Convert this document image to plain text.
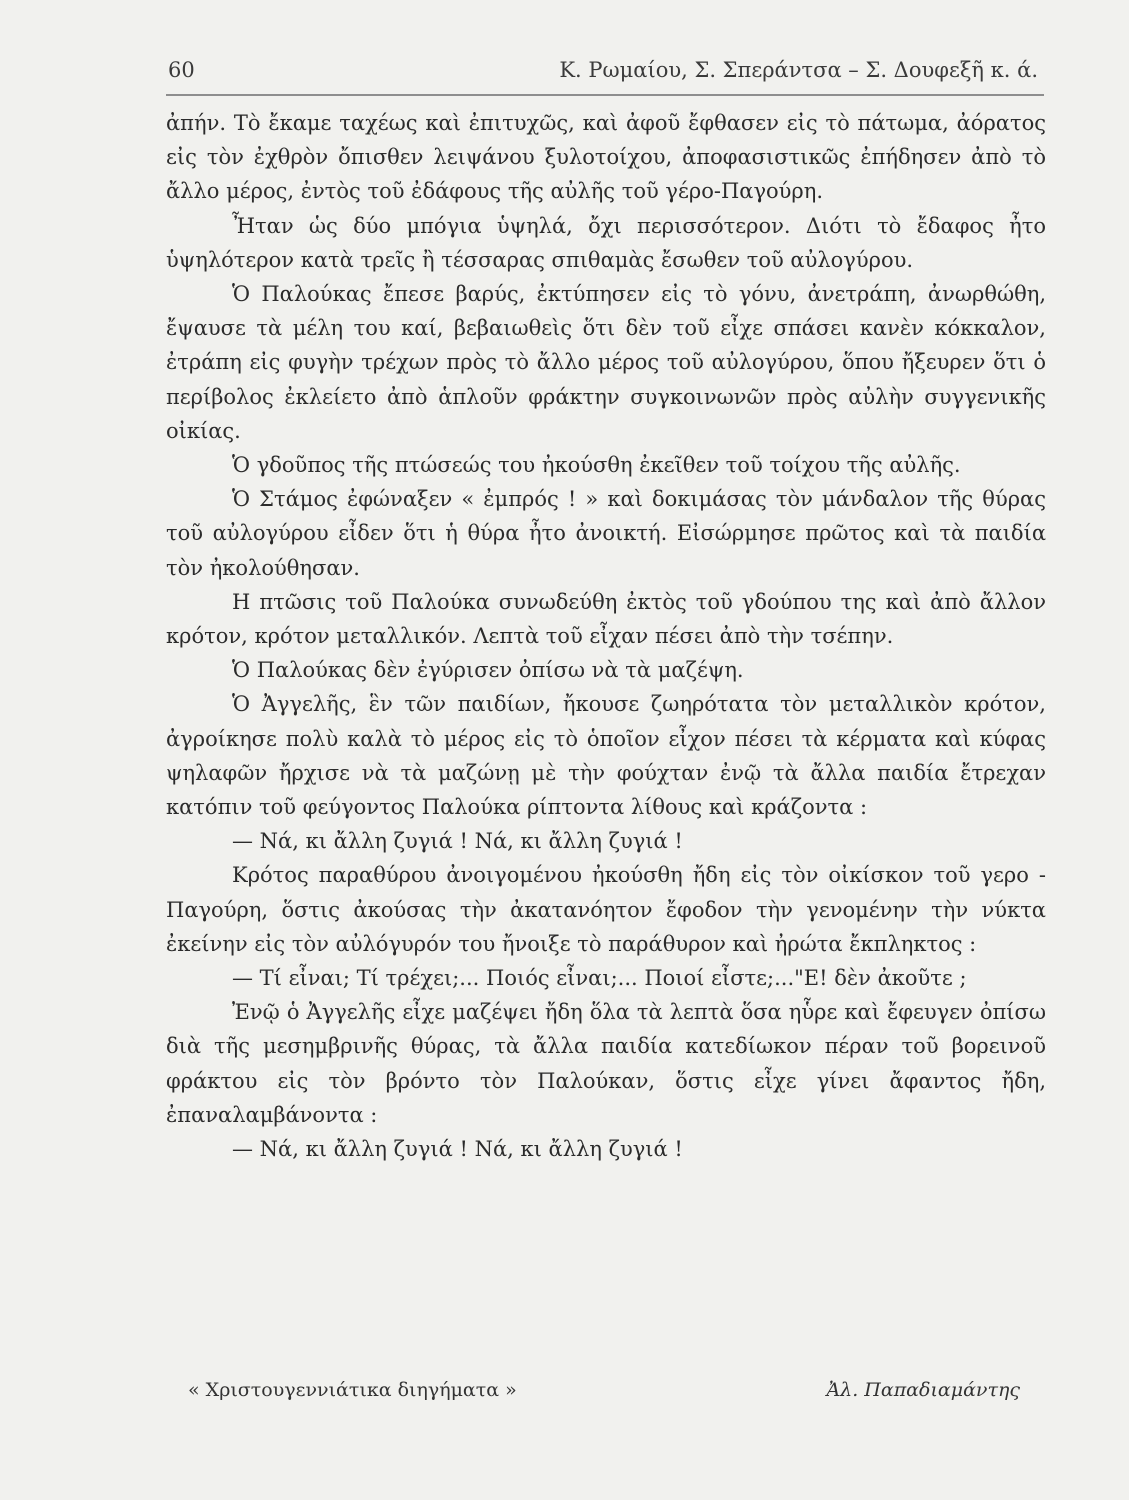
60	Κ. Ρωμαίου, Σ. Σπεράντσα – Σ. Δουφεξῆ κ. ά.

ἀπήν. Τὸ ἔκαμε ταχέως καὶ ἐπιτυχῶς, καὶ ἀφοῦ ἔφθασεν εἰς τὸ πάτωμα, ἀόρατος εἰς τὸν ἐχθρὸν ὄπισθεν λειψάνου ξυλοτοίχου, ἀποφασιστικῶς ἐπήδησεν ἀπὸ τὸ ἄλλο μέρος, ἐντὸς τοῦ ἐδάφους τῆς αὐλῆς τοῦ γέρο-Παγούρη.

Ἦταν ὡς δύο μπόγια ὑψηλά, ὄχι περισσότερον. Διότι τὸ ἔδαφος ἦτο ὑψηλότερον κατὰ τρεῖς ἢ τέσσαρας σπιθαμὰς ἔσωθεν τοῦ αὐλογύρου.

Ὁ Παλούκας ἔπεσε βαρύς, ἐκτύπησεν εἰς τὸ γόνυ, ἀνετράπη, ἀνωρθώθη, ἔψαυσε τὰ μέλη του καί, βεβαιωθεὶς ὅτι δὲν τοῦ εἶχε σπάσει κανὲν κόκκαλον, ἐτράπη εἰς φυγὴν τρέχων πρὸς τὸ ἄλλο μέρος τοῦ αὐλογύρου, ὅπου ἤξευρεν ὅτι ὁ περίβολος ἐκλείετο ἀπὸ ἁπλοῦν φράκτην συγκοινωνῶν πρὸς αὐλὴν συγγενικῆς οἰκίας.

Ὁ γδοῦπος τῆς πτώσεώς του ἠκούσθη ἐκεῖθεν τοῦ τοίχου τῆς αὐλῆς.

Ὁ Στάμος ἐφώναξεν « ἐμπρός ! » καὶ δοκιμάσας τὸν μάνδαλον τῆς θύρας τοῦ αὐλογύρου εἶδεν ὅτι ἡ θύρα ἦτο ἀνοικτή. Εἰσώρμησε πρῶτος καὶ τὰ παιδία τὸν ἠκολούθησαν.

Η πτῶσις τοῦ Παλούκα συνωδεύθη ἐκτὸς τοῦ γδούπου της καὶ ἀπὸ ἄλλον κρότον, κρότον μεταλλικόν. Λεπτὰ τοῦ εἶχαν πέσει ἀπὸ τὴν τσέπην.

Ὁ Παλούκας δὲν ἐγύρισεν ὀπίσω νὰ τὰ μαζέψη.

Ὁ Ἀγγελῆς, ἓν τῶν παιδίων, ἤκουσε ζωηρότατα τὸν μεταλλικὸν κρότον, ἀγροίκησε πολὺ καλὰ τὸ μέρος εἰς τὸ ὁποῖον εἶχον πέσει τὰ κέρματα καὶ κύφας ψηλαφῶν ἤρχισε νὰ τὰ μαζώνῃ μὲ τὴν φούχταν ἐνῷ τὰ ἄλλα παιδία ἔτρεχαν κατόπιν τοῦ φεύγοντος Παλούκα ρίπτοντα λίθους καὶ κράζοντα :

— Νά, κι ἄλλη ζυγιά ! Νά, κι ἄλλη ζυγιά !

Κρότος παραθύρου ἀνοιγομένου ἠκούσθη ἤδη εἰς τὸν οἰκίσκον τοῦ γερο - Παγούρη, ὅστις ἀκούσας τὴν ἀκατανόητον ἔφοδον τὴν γενομένην τὴν νύκτα ἐκείνην εἰς τὸν αὐλόγυρόν του ἤνοιξε τὸ παράθυρον καὶ ἠρώτα ἔκπληκτος :

— Τί εἶναι; Τί τρέχει;... Ποιός εἶναι;... Ποιοί εἶστε;..."Ε! δὲν ἀκοῦτε ;

Ἐνῷ ὁ Ἀγγελῆς εἶχε μαζέψει ἤδη ὅλα τὰ λεπτὰ ὅσα ηὗρε καὶ ἔφευγεν ὀπίσω διὰ τῆς μεσημβρινῆς θύρας, τὰ ἄλλα παιδία κατεδίωκον πέραν τοῦ βορεινοῦ φράκτου εἰς τὸν βρόντο τὸν Παλούκαν, ὅστις εἶχε γίνει ἄφαντος ἤδη, ἐπαναλαμβάνοντα :

— Νά, κι ἄλλη ζυγιά ! Νά, κι ἄλλη ζυγιά !

« Χριστουγεννιάτικα διηγήματα »	Ἀλ. Παπαδιαμάντης
